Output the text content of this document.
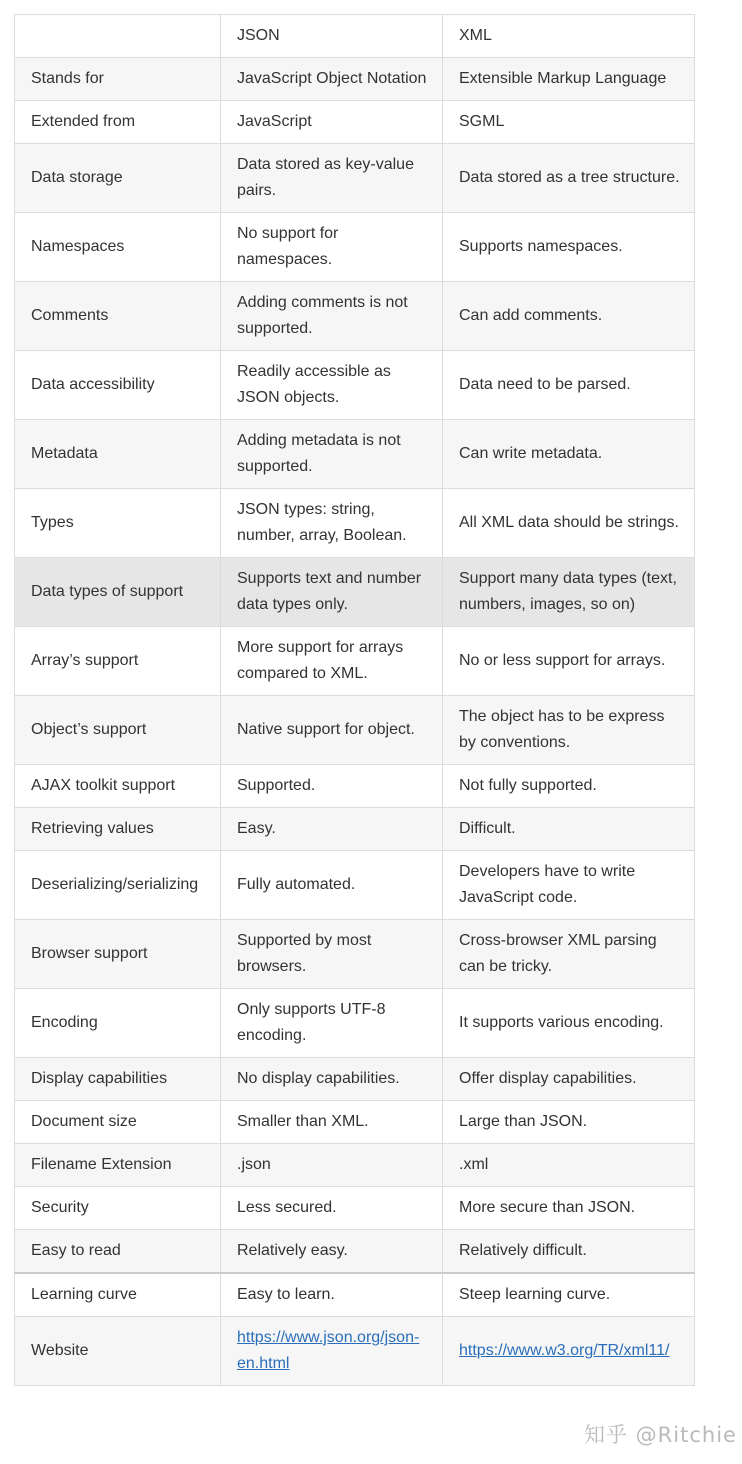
	JSON	XML
Stands for	JavaScript Object Notation	Extensible Markup Language
Extended from	JavaScript	SGML
Data storage	Data stored as key-value pairs.	Data stored as a tree structure.
Namespaces	No support for namespaces.	Supports namespaces.
Comments	Adding comments is not supported.	Can add comments.
Data accessibility	Readily accessible as JSON objects.	Data need to be parsed.
Metadata	Adding metadata is not supported.	Can write metadata.
Types	JSON types: string, number, array, Boolean.	All XML data should be strings.
Data types of support	Supports text and number data types only.	Support many data types (text, numbers, images, so on)
Array’s support	More support for arrays compared to XML.	No or less support for arrays.
Object’s support	Native support for object.	The object has to be express by conventions.
AJAX toolkit support	Supported.	Not fully supported.
Retrieving values	Easy.	Difficult.
Deserializing/serializing	Fully automated.	Developers have to write JavaScript code.
Browser support	Supported by most browsers.	Cross-browser XML parsing can be tricky.
Encoding	Only supports UTF-8 encoding.	It supports various encoding.
Display capabilities	No display capabilities.	Offer display capabilities.
Document size	Smaller than XML.	Large than JSON.
Filename Extension	.json	.xml
Security	Less secured.	More secure than JSON.
Easy to read	Relatively easy.	Relatively difficult.
Learning curve	Easy to learn.	Steep learning curve.
Website	https://www.json.org/json-en.html	https://www.w3.org/TR/xml11/
知乎 @Ritchie
